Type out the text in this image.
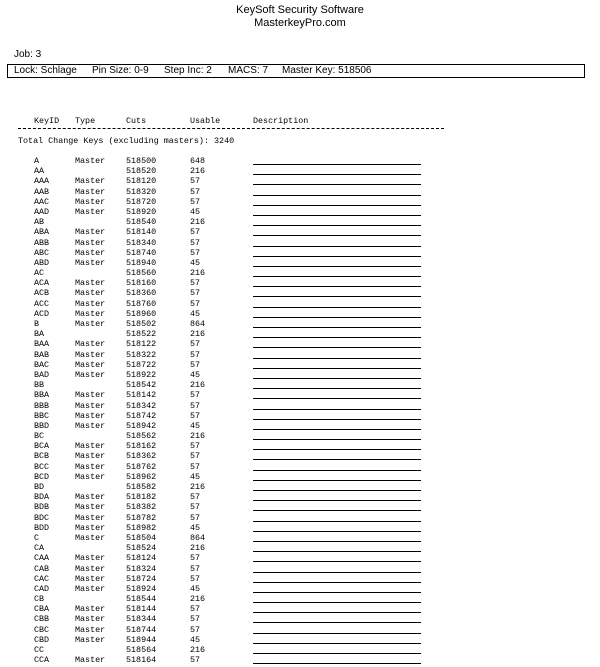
KeySoft Security Software
MasterkeyPro.com
Job: 3
Lock: Schlage Pin Size: 0-9 Step Inc: 2 MACS: 7 Master Key: 518506
KeyID Type	Cuts	Usable	Description
Total Change Keys (excluding masters): 3240
A	Master 518500	648
AA	518520	216
AAA	Master 518120	57
AAB	Master 518320	57
AAC	Master 518720	57
AAD	Master 518920	45
AB	518540	216
ABA	Master 518140	57
ABB	Master 518340	57
ABC	Master 518740	57
ABD	Master 518940	45
AC	518560	216
ACA	Master 518160	57
ACB	Master 518360	57
ACC	Master 518760	57
ACD	Master 518960	45
B	Master 518502	864
BA	518522	216
BAA	Master 518122	57
BAB	Master 518322	57
BAC	Master 518722	57
BAD	Master 518922	45
BB	518542	216
BBA	Master 518142	57
BBB	Master 518342	57
BBC	Master 518742	57
BBD	Master 518942	45
BC	518562	216
BCA	Master 518162	57
BCB	Master 518362	57
BCC	Master 518762	57
BCD	Master 518962	45
BD	518582	216
BDA	Master 518182	57
BDB	Master 518382	57
BDC	Master 518782	57
BDD	Master 518982	45
C	Master 518504	864
CA	518524	216
CAA	Master 518124	57
CAB	Master 518324	57
CAC	Master 518724	57
CAD	Master 518924	45
CB	518544	216
CBA	Master 518144	57
CBB	Master 518344	57
CBC	Master 518744	57
CBD	Master 518944	45
CC	518564	216
CCA	Master 518164	57
